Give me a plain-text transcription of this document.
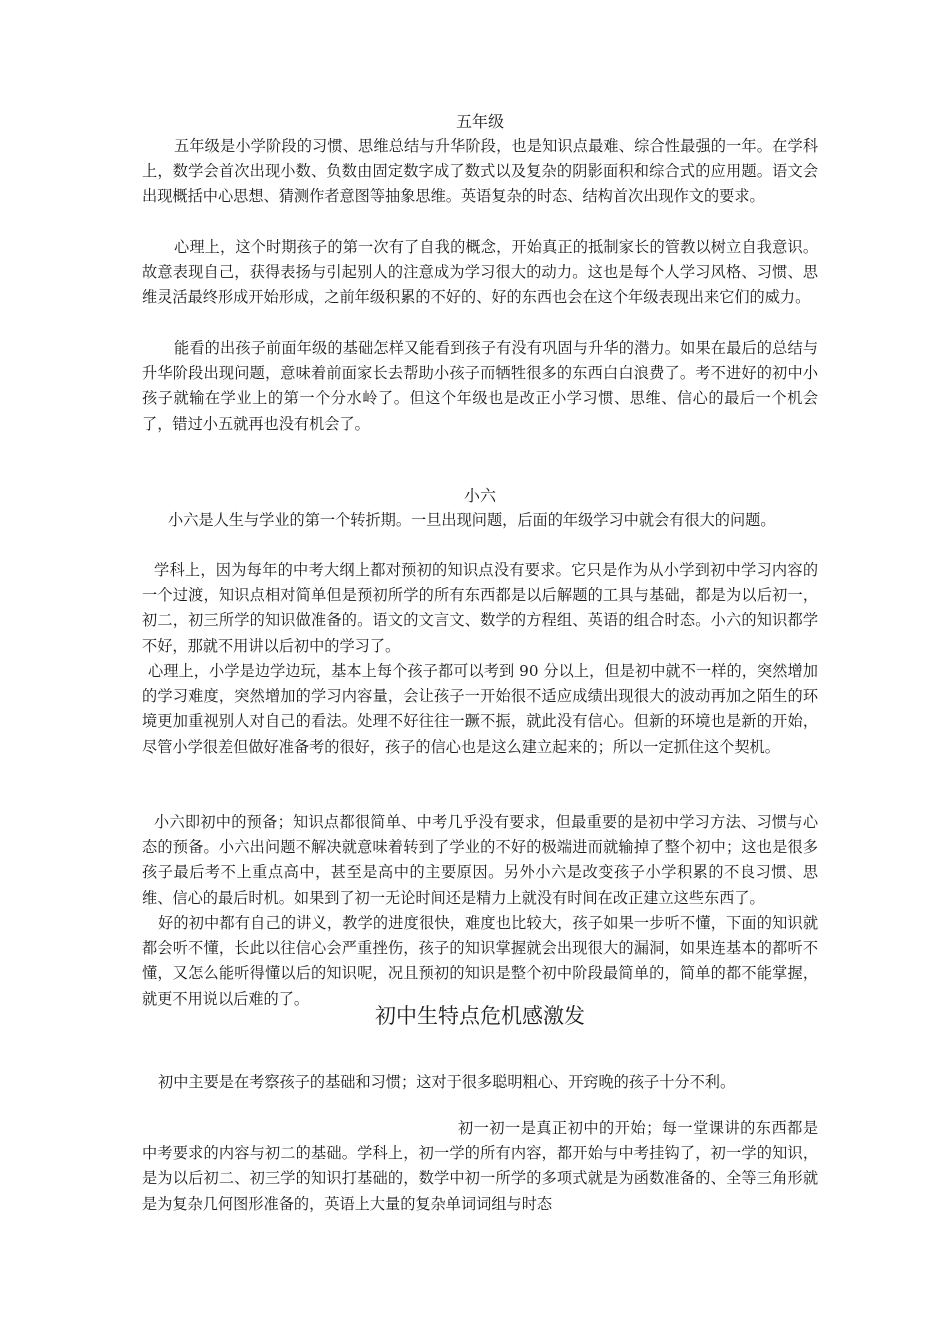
五年级

五年级是小学阶段的习惯、思维总结与升华阶段，也是知识点最难、综合性最强的一年。在学科上，数学会首次出现小数、负数由固定数字成了数式以及复杂的阴影面积和综合式的应用题。语文会出现概括中心思想、猜测作者意图等抽象思维。英语复杂的时态、结构首次出现作文的要求。

心理上，这个时期孩子的第一次有了自我的概念，开始真正的抵制家长的管教以树立自我意识。故意表现自己，获得表扬与引起别人的注意成为学习很大的动力。这也是每个人学习风格、习惯、思维灵活最终形成开始形成，之前年级积累的不好的、好的东西也会在这个年级表现出来它们的威力。

能看的出孩子前面年级的基础怎样又能看到孩子有没有巩固与升华的潜力。如果在最后的总结与升华阶段出现问题，意味着前面家长去帮助小孩子而牺牲很多的东西白白浪费了。考不进好的初中小孩子就输在学业上的第一个分水岭了。但这个年级也是改正小学习惯、思维、信心的最后一个机会了，错过小五就再也没有机会了。

小六

小六是人生与学业的第一个转折期。一旦出现问题，后面的年级学习中就会有很大的问题。

学科上，因为每年的中考大纲上都对预初的知识点没有要求。它只是作为从小学到初中学习内容的一个过渡，知识点相对简单但是预初所学的所有东西都是以后解题的工具与基础，都是为以后初一，初二，初三所学的知识做准备的。语文的文言文、数学的方程组、英语的组合时态。小六的知识都学不好，那就不用讲以后初中的学习了。

心理上，小学是边学边玩，基本上每个孩子都可以考到 90 分以上，但是初中就不一样的，突然增加的学习难度，突然增加的学习内容量，会让孩子一开始很不适应成绩出现很大的波动再加之陌生的环境更加重视别人对自己的看法。处理不好往往一蹶不振，就此没有信心。但新的环境也是新的开始，尽管小学很差但做好准备考的很好，孩子的信心也是这么建立起来的；所以一定抓住这个契机。

小六即初中的预备；知识点都很简单、中考几乎没有要求，但最重要的是初中学习方法、习惯与心态的预备。小六出问题不解决就意味着转到了学业的不好的极端进而就输掉了整个初中；这也是很多孩子最后考不上重点高中，甚至是高中的主要原因。另外小六是改变孩子小学积累的不良习惯、思维、信心的最后时机。如果到了初一无论时间还是精力上就没有时间在改正建立这些东西了。

好的初中都有自己的讲义，教学的进度很快，难度也比较大，孩子如果一步听不懂，下面的知识就都会听不懂，长此以往信心会严重挫伤，孩子的知识掌握就会出现很大的漏洞，如果连基本的都听不懂，又怎么能听得懂以后的知识呢，况且预初的知识是整个初中阶段最简单的，简单的都不能掌握，就更不用说以后难的了。

初中生特点危机感激发

初中主要是在考察孩子的基础和习惯；这对于很多聪明粗心、开窍晚的孩子十分不利。

初一初一是真正初中的开始；每一堂课讲的东西都是中考要求的内容与初二的基础。学科上，初一学的所有内容，都开始与中考挂钩了，初一学的知识，是为以后初二、初三学的知识打基础的，数学中初一所学的多项式就是为函数准备的、全等三角形就是为复杂几何图形准备的，英语上大量的复杂单词词组与时态
